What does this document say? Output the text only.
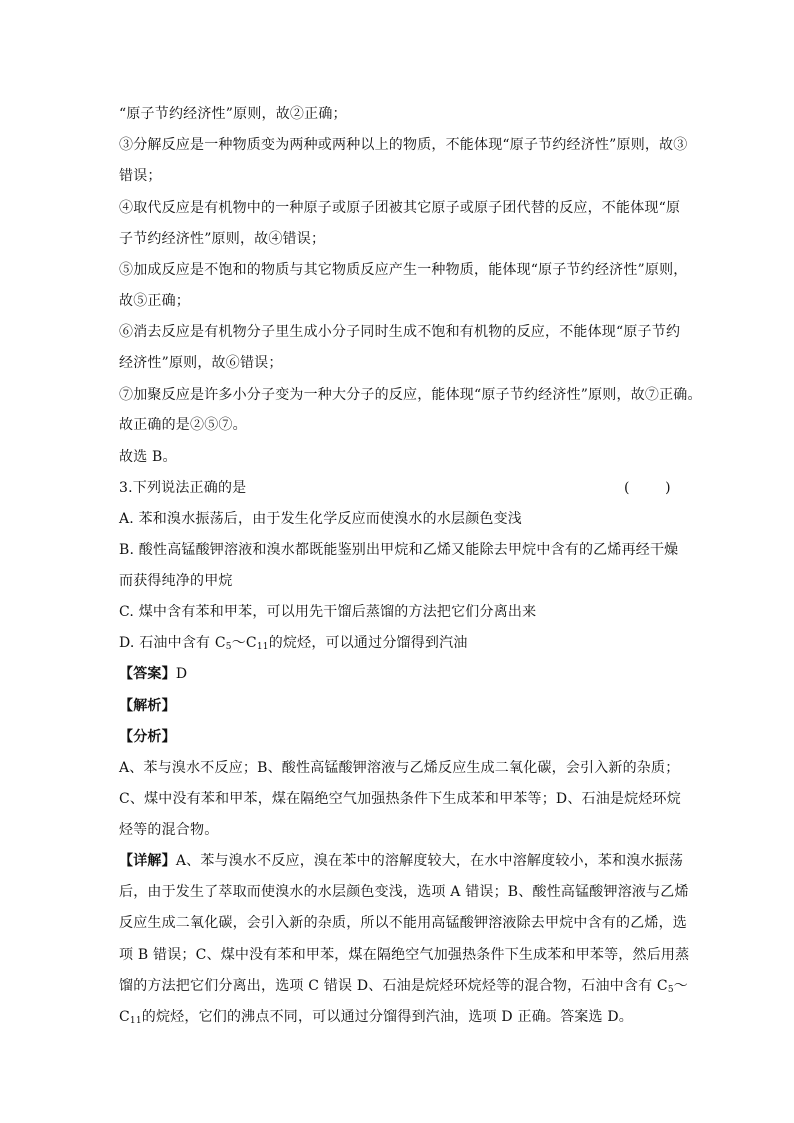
“原子节约经济性”原则，故②正确；
③分解反应是一种物质变为两种或两种以上的物质，不能体现“原子节约经济性”原则，故③
错误；
④取代反应是有机物中的一种原子或原子团被其它原子或原子团代替的反应，不能体现“原
子节约经济性”原则，故④错误；
⑤加成反应是不饱和的物质与其它物质反应产生一种物质，能体现“原子节约经济性”原则，
故⑤正确；
⑥消去反应是有机物分子里生成小分子同时生成不饱和有机物的反应，不能体现“原子节约
经济性”原则，故⑥错误；
⑦加聚反应是许多小分子变为一种大分子的反应，能体现“原子节约经济性”原则，故⑦正确。
故正确的是②⑤⑦。
故选 B。
3.下列说法正确的是	(        )
A. 苯和溴水振荡后，由于发生化学反应而使溴水的水层颜色变浅
B. 酸性高锰酸钾溶液和溴水都既能鉴别出甲烷和乙烯又能除去甲烷中含有的乙烯再经干燥
而获得纯净的甲烷
C. 煤中含有苯和甲苯，可以用先干馏后蒸馏的方法把它们分离出来
D. 石油中含有 $C_5\sim C_{11}$的烷烃，可以通过分馏得到汽油
【答案】D
【解析】
【分析】
A、苯与溴水不反应；B、酸性高锰酸钾溶液与乙烯反应生成二氧化碳，会引入新的杂质；
C、煤中没有苯和甲苯，煤在隔绝空气加强热条件下生成苯和甲苯等；D、石油是烷烃环烷
烃等的混合物。
【详解】A、苯与溴水不反应，溴在苯中的溶解度较大，在水中溶解度较小，苯和溴水振荡
后，由于发生了萃取而使溴水的水层颜色变浅，选项 A 错误；B、酸性高锰酸钾溶液与乙烯
反应生成二氧化碳，会引入新的杂质，所以不能用高锰酸钾溶液除去甲烷中含有的乙烯，选
项 B 错误；C、煤中没有苯和甲苯，煤在隔绝空气加强热条件下生成苯和甲苯等，然后用蒸
馏的方法把它们分离出，选项 C 错误 D、石油是烷烃环烷烃等的混合物，石油中含有 $C_5\sim$
$C_{11}$的烷烃，它们的沸点不同，可以通过分馏得到汽油，选项 D 正确。答案选 D。
